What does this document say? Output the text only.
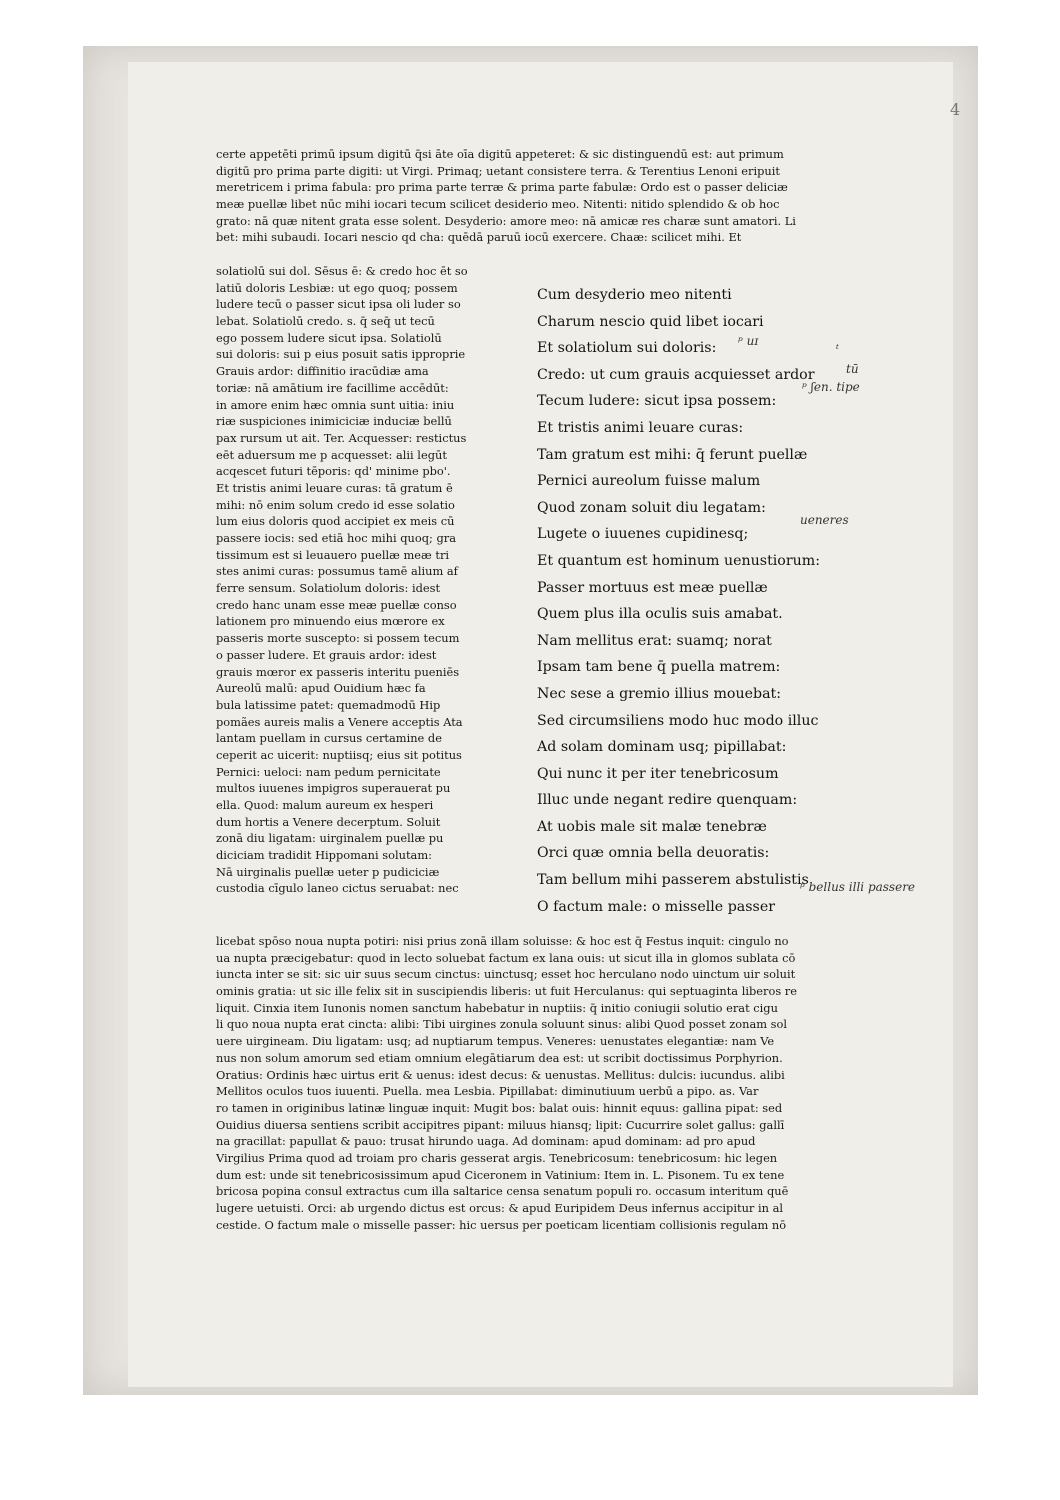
4
certe appetēti primū ipsum digitū q̄si āte oīa digitū appeteret: & sic distinguendū est: aut primum
digitū pro prima parte digiti: ut Virgi. Primaq; uetant consistere terra. & Terentius Lenoni eripuit
meretricem i prima fabula: pro prima parte terræ & prima parte fabulæ: Ordo est o passer deliciæ
meæ puellæ libet nūc mihi iocari tecum scilicet desiderio meo. Nitenti: nitido splendido & ob hoc
grato: nā quæ nitent grata esse solent. Desyderio: amore meo: nā amicæ res charæ sunt amatori. Li
bet: mihi subaudi. Iocari nescio qd cha: quēdā paruū iocū exercere. Chaæ: scilicet mihi. Et
solatiolū sui dol. Sēsus ē: & credo hoc ēt so
latiū doloris Lesbiæ: ut ego quoq; possem
ludere tecū o passer sicut ipsa oli luder so
lebat. Solatiolū credo. s. q̄ seq̄ ut tecū
ego possem ludere sicut ipsa. Solatiolū
sui doloris: sui p eius posuit satis ipproprie
Grauis ardor: diffinitio iracūdiæ ama
toriæ: nā amātium ire facillime accēdūt:
in amore enim hæc omnia sunt uitia: iniu
riæ suspiciones inimiciciæ induciæ bellū
pax rursum ut ait. Ter. Acquesser: restictus
eēt aduersum me p acquesset: alii legūt
acqescet futuri tēporis: qd' minime pbo'.
Et tristis animi leuare curas: tā gratum ē
mihi: nō enim solum credo id esse solatio
lum eius doloris quod accipiet ex meis cū
passere iocis: sed etiā hoc mihi quoq; gra
tissimum est si leuauero puellæ meæ tri
stes animi curas: possumus tamē alium af
ferre sensum. Solatiolum doloris: idest
credo hanc unam esse meæ puellæ conso
lationem pro minuendo eius mœrore ex
passeris morte suscepto: si possem tecum
o passer ludere. Et grauis ardor: idest
grauis mœror ex passeris interitu pueniēs
Aureolū malū: apud Ouidium hæc fa
bula latissime patet: quemadmodū Hip
pomães aureis malis a Venere acceptis Ata
lantam puellam in cursus certamine de
ceperit ac uicerit: nuptiisq; eius sit potitus
Pernici: ueloci: nam pedum pernicitate
multos iuuenes impigros superauerat pu
ella. Quod: malum aureum ex hesperi
dum hortis a Venere decerptum. Soluit
zonā diu ligatam: uirginalem puellæ pu
diciciam tradidit Hippomani solutam:
Nā uirginalis puellæ ueter p pudiciciæ
custodia cīgulo laneo cictus seruabat: nec
Cum desyderio meo nitenti
Charum nescio quid libet iocari
Et solatiolum sui doloris:
Credo: ut cum grauis acquiesset ardor
Tecum ludere: sicut ipsa possem:
Et tristis animi leuare curas:
Tam gratum est mihi: q̄ ferunt puellæ
Pernici aureolum fuisse malum
Quod zonam soluit diu legatam:
Lugete o iuuenes cupidinesq;
Et quantum est hominum uenustiorum:
Passer mortuus est meæ puellæ
Quem plus illa oculis suis amabat.
Nam mellitus erat: suamq; norat
Ipsam tam bene q̄ puella matrem:
Nec sese a gremio illius mouebat:
Sed circumsiliens modo huc modo illuc
Ad solam dominam usq; pipillabat:
Qui nunc it per iter tenebricosum
Illuc unde negant redire quenquam:
At uobis male sit malæ tenebræ
Orci quæ omnia bella deuoratis:
Tam bellum mihi passerem abstulistis
O factum male: o misselle passer
licebat spōso noua nupta potiri: nisi prius zonā illam soluisse: & hoc est q̄ Festus inquit: cingulo no
ua nupta præcigebatur: quod in lecto soluebat factum ex lana ouis: ut sicut illa in glomos sublata cō
iuncta inter se sit: sic uir suus secum cinctus: uinctusq; esset hoc herculano nodo uinctum uir soluit
ominis gratia: ut sic ille felix sit in suscipiendis liberis: ut fuit Herculanus: qui septuaginta liberos re
liquit. Cinxia item Iunonis nomen sanctum habebatur in nuptiis: q̄ initio coniugii solutio erat cigu
li quo noua nupta erat cincta: alibi: Tibi uirgines zonula soluunt sinus: alibi Quod posset zonam sol
uere uirgineam. Diu ligatam: usq; ad nuptiarum tempus. Veneres: uenustates elegantiæ: nam Ve
nus non solum amorum sed etiam omnium elegātiarum dea est: ut scribit doctissimus Porphyrion.
Oratius: Ordinis hæc uirtus erit & uenus: idest decus: & uenustas. Mellitus: dulcis: iucundus. alibi
Mellitos oculos tuos iuuenti. Puella. mea Lesbia. Pipillabat: diminutiuum uerbū a pipo. as. Var
ro tamen in originibus latinæ linguæ inquit: Mugit bos: balat ouis: hinnit equus: gallina pipat: sed
Ouidius diuersa sentiens scribit accipitres pipant: miluus hiansq; lipit: Cucurrire solet gallus: gallī
na gracillat: papullat & pauo: trusat hirundo uaga. Ad dominam: apud dominam: ad pro apud
Virgilius Prima quod ad troiam pro charis gesserat argis. Tenebricosum: tenebricosum: hic legen
dum est: unde sit tenebricosissimum apud Ciceronem in Vatinium: Item in. L. Pisonem. Tu ex tene
bricosa popina consul extractus cum illa saltarice censa senatum populi ro. occasum interitum quē
lugere uetuisti. Orci: ab urgendo dictus est orcus: & apud Euripidem Deus infernus accipitur in al
cestide. O factum male o misselle passer: hic uersus per poeticam licentiam collisionis regulam nō
ᵖ uɪ
ᵗ
tū
ᵖ ʃen. tipe
ueneres
ᵖ bellus illi passere
